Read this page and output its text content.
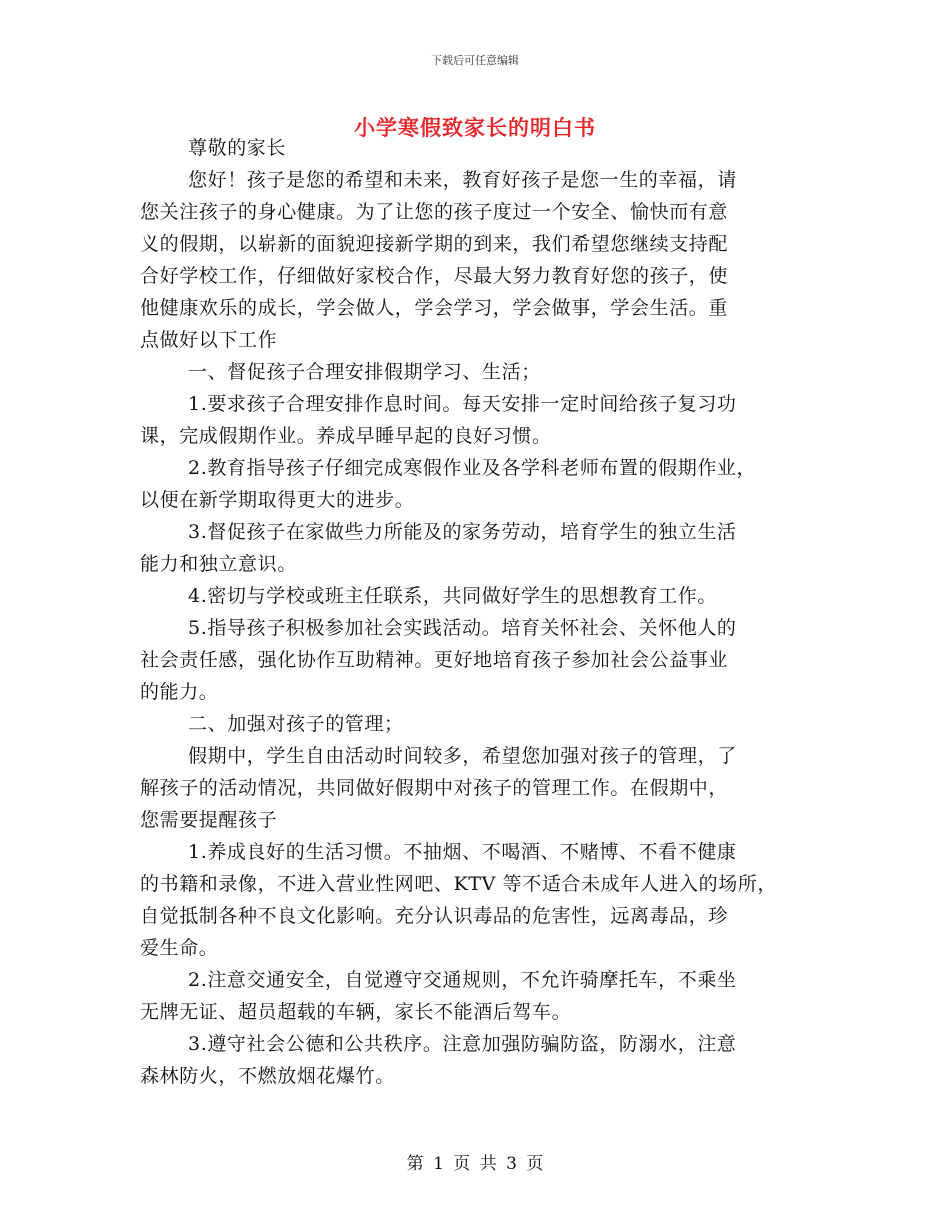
下载后可任意编辑
小学寒假致家长的明白书
尊敬的家长
您好！孩子是您的希望和未来，教育好孩子是您一生的幸福，请
您关注孩子的身心健康。为了让您的孩子度过一个安全、愉快而有意
义的假期，以崭新的面貌迎接新学期的到来，我们希望您继续支持配
合好学校工作，仔细做好家校合作，尽最大努力教育好您的孩子，使
他健康欢乐的成长，学会做人，学会学习，学会做事，学会生活。重
点做好以下工作
一、督促孩子合理安排假期学习、生活；
1.要求孩子合理安排作息时间。每天安排一定时间给孩子复习功
课，完成假期作业。养成早睡早起的良好习惯。
2.教育指导孩子仔细完成寒假作业及各学科老师布置的假期作业，
以便在新学期取得更大的进步。
3.督促孩子在家做些力所能及的家务劳动，培育学生的独立生活
能力和独立意识。
4.密切与学校或班主任联系，共同做好学生的思想教育工作。
5.指导孩子积极参加社会实践活动。培育关怀社会、关怀他人的
社会责任感，强化协作互助精神。更好地培育孩子参加社会公益事业
的能力。
二、加强对孩子的管理；
假期中，学生自由活动时间较多，希望您加强对孩子的管理，了
解孩子的活动情况，共同做好假期中对孩子的管理工作。在假期中，
您需要提醒孩子
1.养成良好的生活习惯。不抽烟、不喝酒、不赌博、不看不健康
的书籍和录像，不进入营业性网吧、KTV 等不适合未成年人进入的场所，
自觉抵制各种不良文化影响。充分认识毒品的危害性，远离毒品，珍
爱生命。
2.注意交通安全，自觉遵守交通规则，不允许骑摩托车，不乘坐
无牌无证、超员超载的车辆，家长不能酒后驾车。
3.遵守社会公德和公共秩序。注意加强防骗防盗，防溺水，注意
森林防火，不燃放烟花爆竹。
第 1 页 共 3 页
